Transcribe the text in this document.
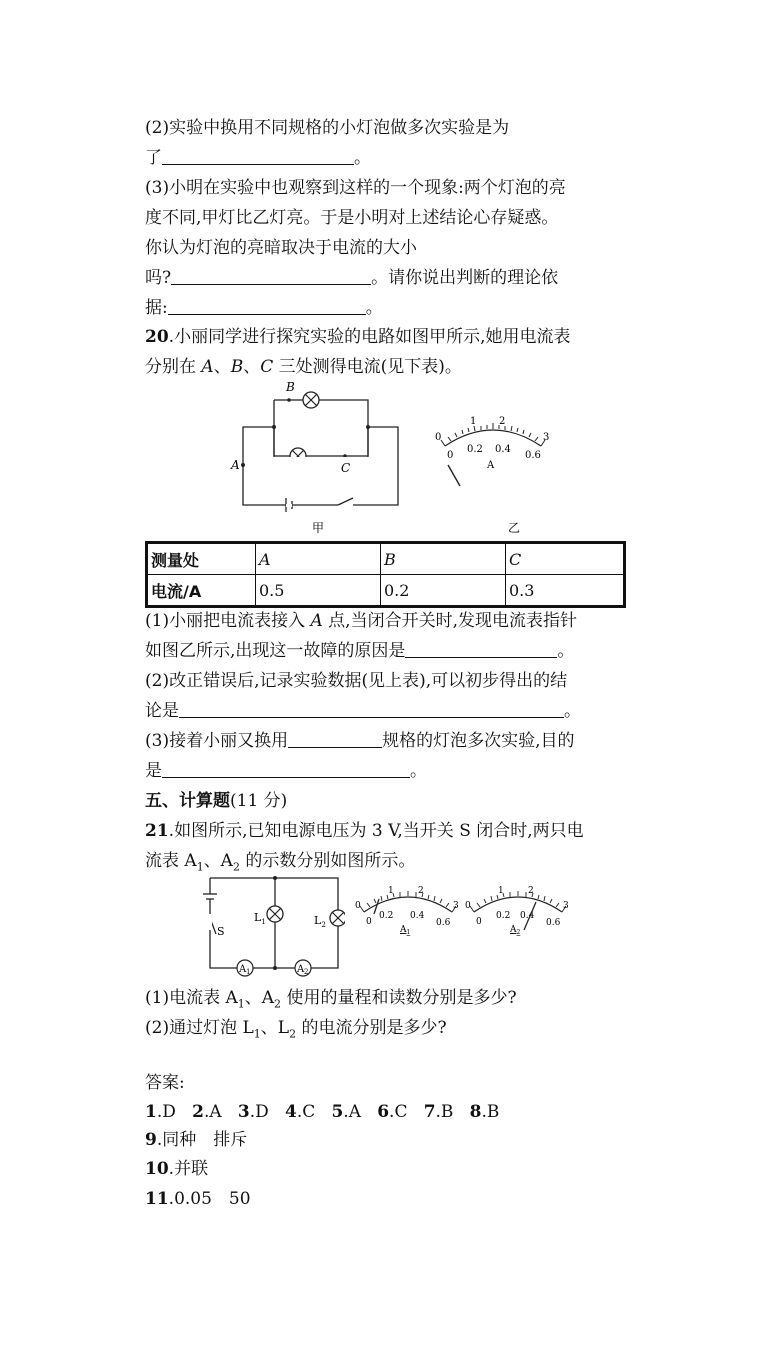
(2)实验中换用不同规格的小灯泡做多次实验是为
了	。
(3)小明在实验中也观察到这样的一个现象:两个灯泡的亮
度不同,甲灯比乙灯亮。于是小明对上述结论心存疑惑。
你认为灯泡的亮暗取决于电流的大小
吗?	。请你说出判断的理论依
据:	。
20.小丽同学进行探究实验的电路如图甲所示,她用电流表
分别在 A、B、C 三处测得电流(见下表)。
B
A	C
甲
0
1 2
3
0
0.2 0.4
0.6
A
乙
测量处	A	B	C
电流/A	0.5	0.2	0.3
(1)小丽把电流表接入 A 点,当闭合开关时,发现电流表指针
如图乙所示,出现这一故障的原因是	。
(2)改正错误后,记录实验数据(见上表),可以初步得出的结
论是	。
(3)接着小丽又换用	规格的灯泡多次实验,目的
是	。
五、计算题(11 分)
21.如图所示,已知电源电压为 3 V,当开关 S 闭合时,两只电
流表 $A_1$、$A_2$ 的示数分别如图所示。
A 1	A 2
S
$L_1$	$L_2$
0
1	2
3
0
0.2 0.4
0.6
$A_1$
0
1	2
3
0
0.2 0.4
0.6
$A_2$
(1)电流表 $A_1$、$A_2$ 使用的量程和读数分别是多少?
(2)通过灯泡 $L_1$、$L_2$ 的电流分别是多少?
答案:
1.D 2.A 3.D 4.C 5.A 6.C 7.B 8.B
9.同种　排斥
10.并联
11.0.05　50
